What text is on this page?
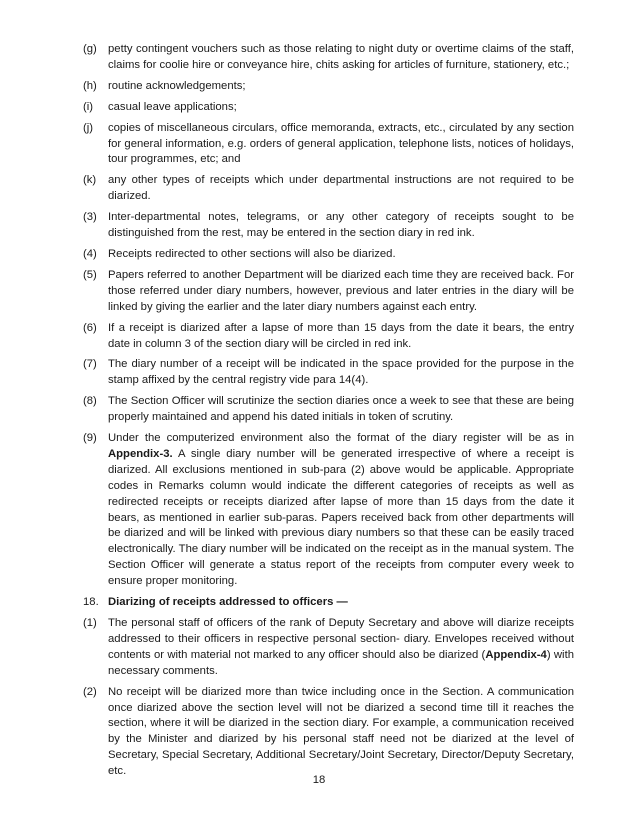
(g) petty contingent vouchers such as those relating to night duty or overtime claims of the staff, claims for coolie hire or conveyance hire, chits asking for articles of furniture, stationery, etc.;
(h) routine acknowledgements;
(i)	casual leave applications;
(j)	copies of miscellaneous circulars, office memoranda, extracts, etc., circulated by any section for general information, e.g. orders of general application, telephone lists, notices of holidays, tour programmes, etc; and
(k)	any other types of receipts which under departmental instructions are not required to be diarized.
(3) Inter-departmental notes, telegrams, or any other category of receipts sought to be distinguished from the rest, may be entered in the section diary in red ink.
(4) Receipts redirected to other sections will also be diarized.
(5) Papers referred to another Department will be diarized each time they are received back. For those referred under diary numbers, however, previous and later entries in the diary will be linked by giving the earlier and the later diary numbers against each entry.
(6) If a receipt is diarized after a lapse of more than 15 days from the date it bears, the entry date in column 3 of the section diary will be circled in red ink.
(7) The diary number of a receipt will be indicated in the space provided for the purpose in the stamp affixed by the central registry vide para 14(4).
(8) The Section Officer will scrutinize the section diaries once a week to see that these are being properly maintained and append his dated initials in token of scrutiny.
(9) Under the computerized environment also the format of the diary register will be as in Appendix-3. A single diary number will be generated irrespective of where a receipt is diarized. All exclusions mentioned in sub-para (2) above would be applicable. Appropriate codes in Remarks column would indicate the different categories of receipts as well as redirected receipts or receipts diarized after lapse of more than 15 days from the date it bears, as mentioned in earlier sub-paras. Papers received back from other departments will be diarized and will be linked with previous diary numbers so that these can be easily traced electronically. The diary number will be indicated on the receipt as in the manual system. The Section Officer will generate a status report of the receipts from computer every week to ensure proper monitoring.
18. Diarizing of receipts addressed to officers —
(1) The personal staff of officers of the rank of Deputy Secretary and above will diarize receipts addressed to their officers in respective personal section- diary. Envelopes received without contents or with material not marked to any officer should also be diarized (Appendix-4) with necessary comments.
(2) No receipt will be diarized more than twice including once in the Section. A communication once diarized above the section level will not be diarized a second time till it reaches the section, where it will be diarized in the section diary. For example, a communication received by the Minister and diarized by his personal staff need not be diarized at the level of Secretary, Special Secretary, Additional Secretary/Joint Secretary, Director/Deputy Secretary, etc.
18
